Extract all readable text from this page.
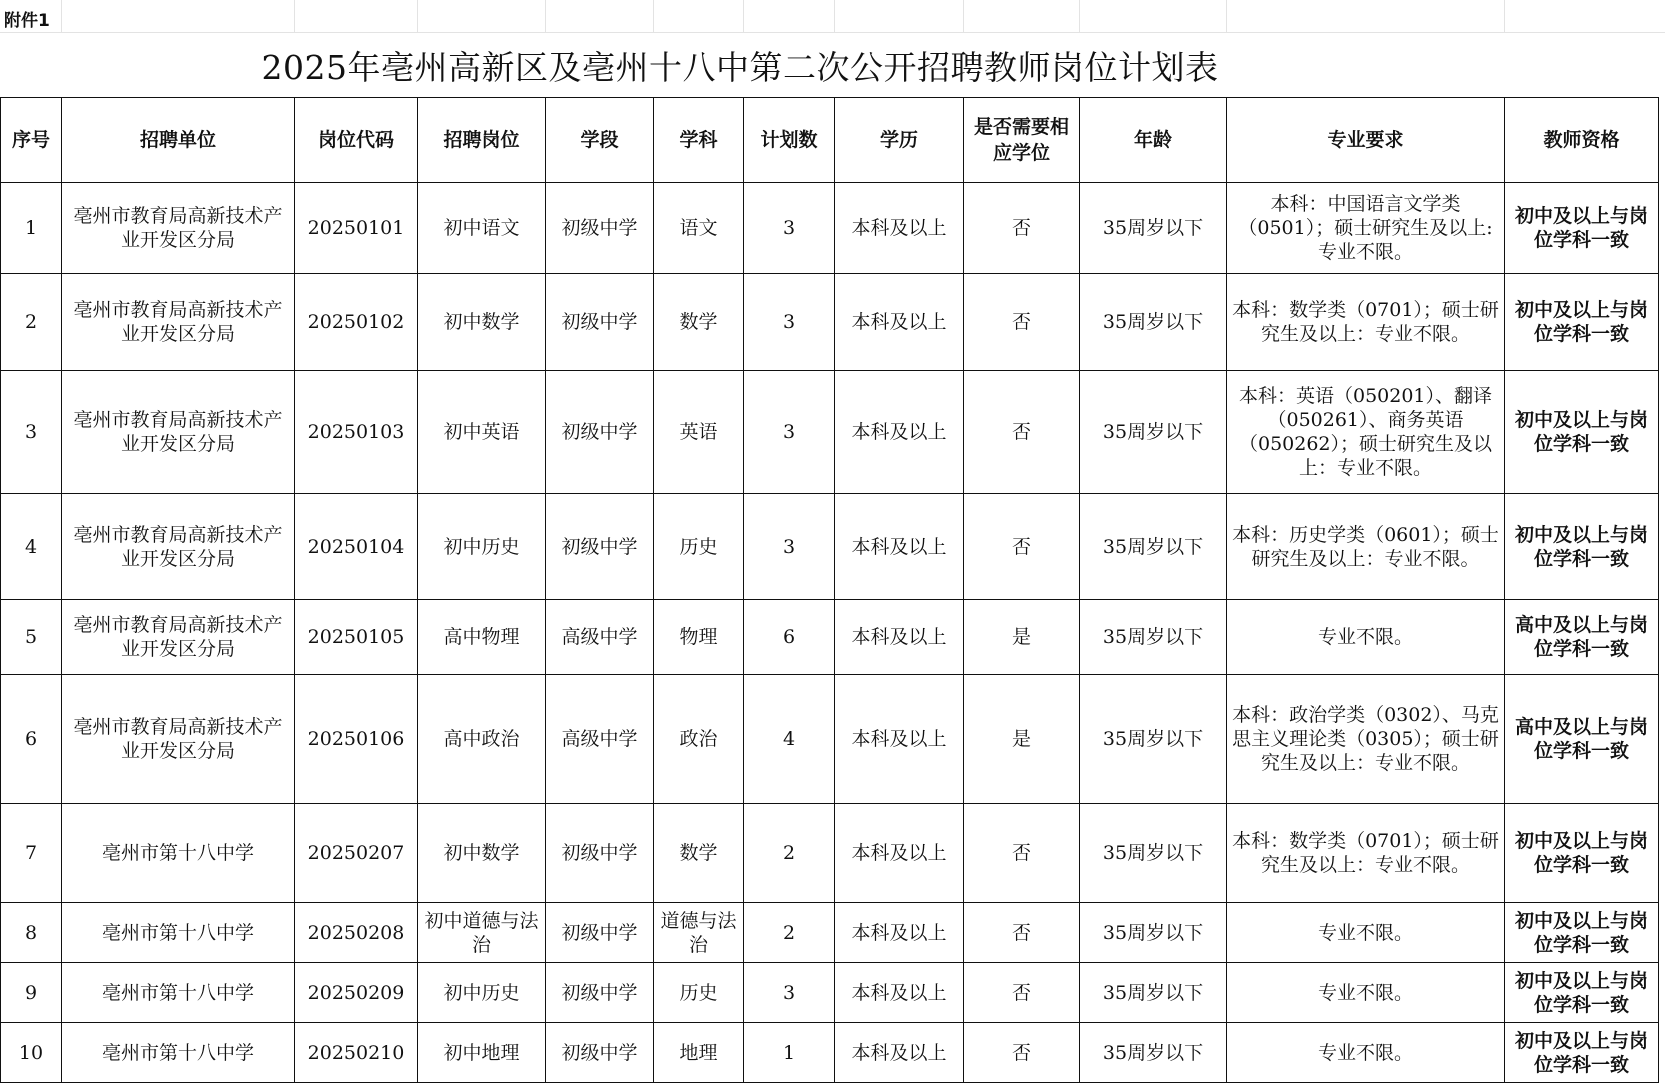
附件1
2025年亳州高新区及亳州十八中第二次公开招聘教师岗位计划表
序号	招聘单位	岗位代码	招聘岗位	学段	学科	计划数	学历	是否需要相应学位	年龄	专业要求	教师资格
1	亳州市教育局高新技术产业开发区分局	20250101	初中语文	初级中学	语文	3	本科及以上	否	35周岁以下	本科：中国语言文学类（0501）；硕士研究生及以上:专业不限。	初中及以上与岗位学科一致
2	亳州市教育局高新技术产业开发区分局	20250102	初中数学	初级中学	数学	3	本科及以上	否	35周岁以下	本科：数学类（0701）；硕士研究生及以上：专业不限。	初中及以上与岗位学科一致
3	亳州市教育局高新技术产业开发区分局	20250103	初中英语	初级中学	英语	3	本科及以上	否	35周岁以下	本科：英语（050201）、翻译（050261）、商务英语（050262）；硕士研究生及以上：专业不限。	初中及以上与岗位学科一致
4	亳州市教育局高新技术产业开发区分局	20250104	初中历史	初级中学	历史	3	本科及以上	否	35周岁以下	本科：历史学类（0601）；硕士研究生及以上：专业不限。	初中及以上与岗位学科一致
5	亳州市教育局高新技术产业开发区分局	20250105	高中物理	高级中学	物理	6	本科及以上	是	35周岁以下	专业不限。	高中及以上与岗位学科一致
6	亳州市教育局高新技术产业开发区分局	20250106	高中政治	高级中学	政治	4	本科及以上	是	35周岁以下	本科：政治学类（0302）、马克思主义理论类（0305）；硕士研究生及以上：专业不限。	高中及以上与岗位学科一致
7	亳州市第十八中学	20250207	初中数学	初级中学	数学	2	本科及以上	否	35周岁以下	本科：数学类（0701）；硕士研究生及以上：专业不限。	初中及以上与岗位学科一致
8	亳州市第十八中学	20250208	初中道德与法治	初级中学	道德与法治	2	本科及以上	否	35周岁以下	专业不限。	初中及以上与岗位学科一致
9	亳州市第十八中学	20250209	初中历史	初级中学	历史	3	本科及以上	否	35周岁以下	专业不限。	初中及以上与岗位学科一致
10	亳州市第十八中学	20250210	初中地理	初级中学	地理	1	本科及以上	否	35周岁以下	专业不限。	初中及以上与岗位学科一致
